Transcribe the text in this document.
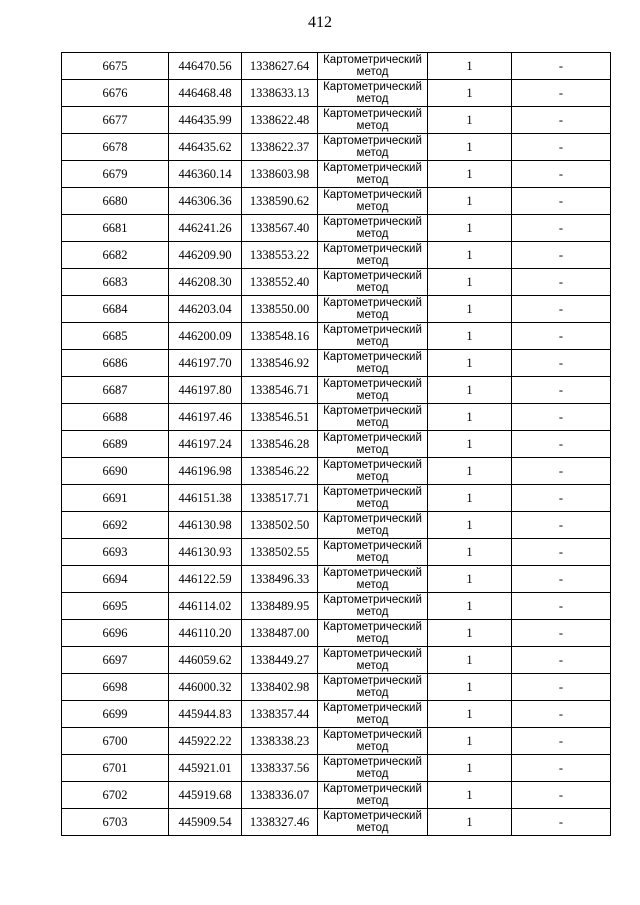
412
6675	446470.56	1338627.64	Картометрический метод	1	-
6676	446468.48	1338633.13	Картометрический метод	1	-
6677	446435.99	1338622.48	Картометрический метод	1	-
6678	446435.62	1338622.37	Картометрический метод	1	-
6679	446360.14	1338603.98	Картометрический метод	1	-
6680	446306.36	1338590.62	Картометрический метод	1	-
6681	446241.26	1338567.40	Картометрический метод	1	-
6682	446209.90	1338553.22	Картометрический метод	1	-
6683	446208.30	1338552.40	Картометрический метод	1	-
6684	446203.04	1338550.00	Картометрический метод	1	-
6685	446200.09	1338548.16	Картометрический метод	1	-
6686	446197.70	1338546.92	Картометрический метод	1	-
6687	446197.80	1338546.71	Картометрический метод	1	-
6688	446197.46	1338546.51	Картометрический метод	1	-
6689	446197.24	1338546.28	Картометрический метод	1	-
6690	446196.98	1338546.22	Картометрический метод	1	-
6691	446151.38	1338517.71	Картометрический метод	1	-
6692	446130.98	1338502.50	Картометрический метод	1	-
6693	446130.93	1338502.55	Картометрический метод	1	-
6694	446122.59	1338496.33	Картометрический метод	1	-
6695	446114.02	1338489.95	Картометрический метод	1	-
6696	446110.20	1338487.00	Картометрический метод	1	-
6697	446059.62	1338449.27	Картометрический метод	1	-
6698	446000.32	1338402.98	Картометрический метод	1	-
6699	445944.83	1338357.44	Картометрический метод	1	-
6700	445922.22	1338338.23	Картометрический метод	1	-
6701	445921.01	1338337.56	Картометрический метод	1	-
6702	445919.68	1338336.07	Картометрический метод	1	-
6703	445909.54	1338327.46	Картометрический метод	1	-
